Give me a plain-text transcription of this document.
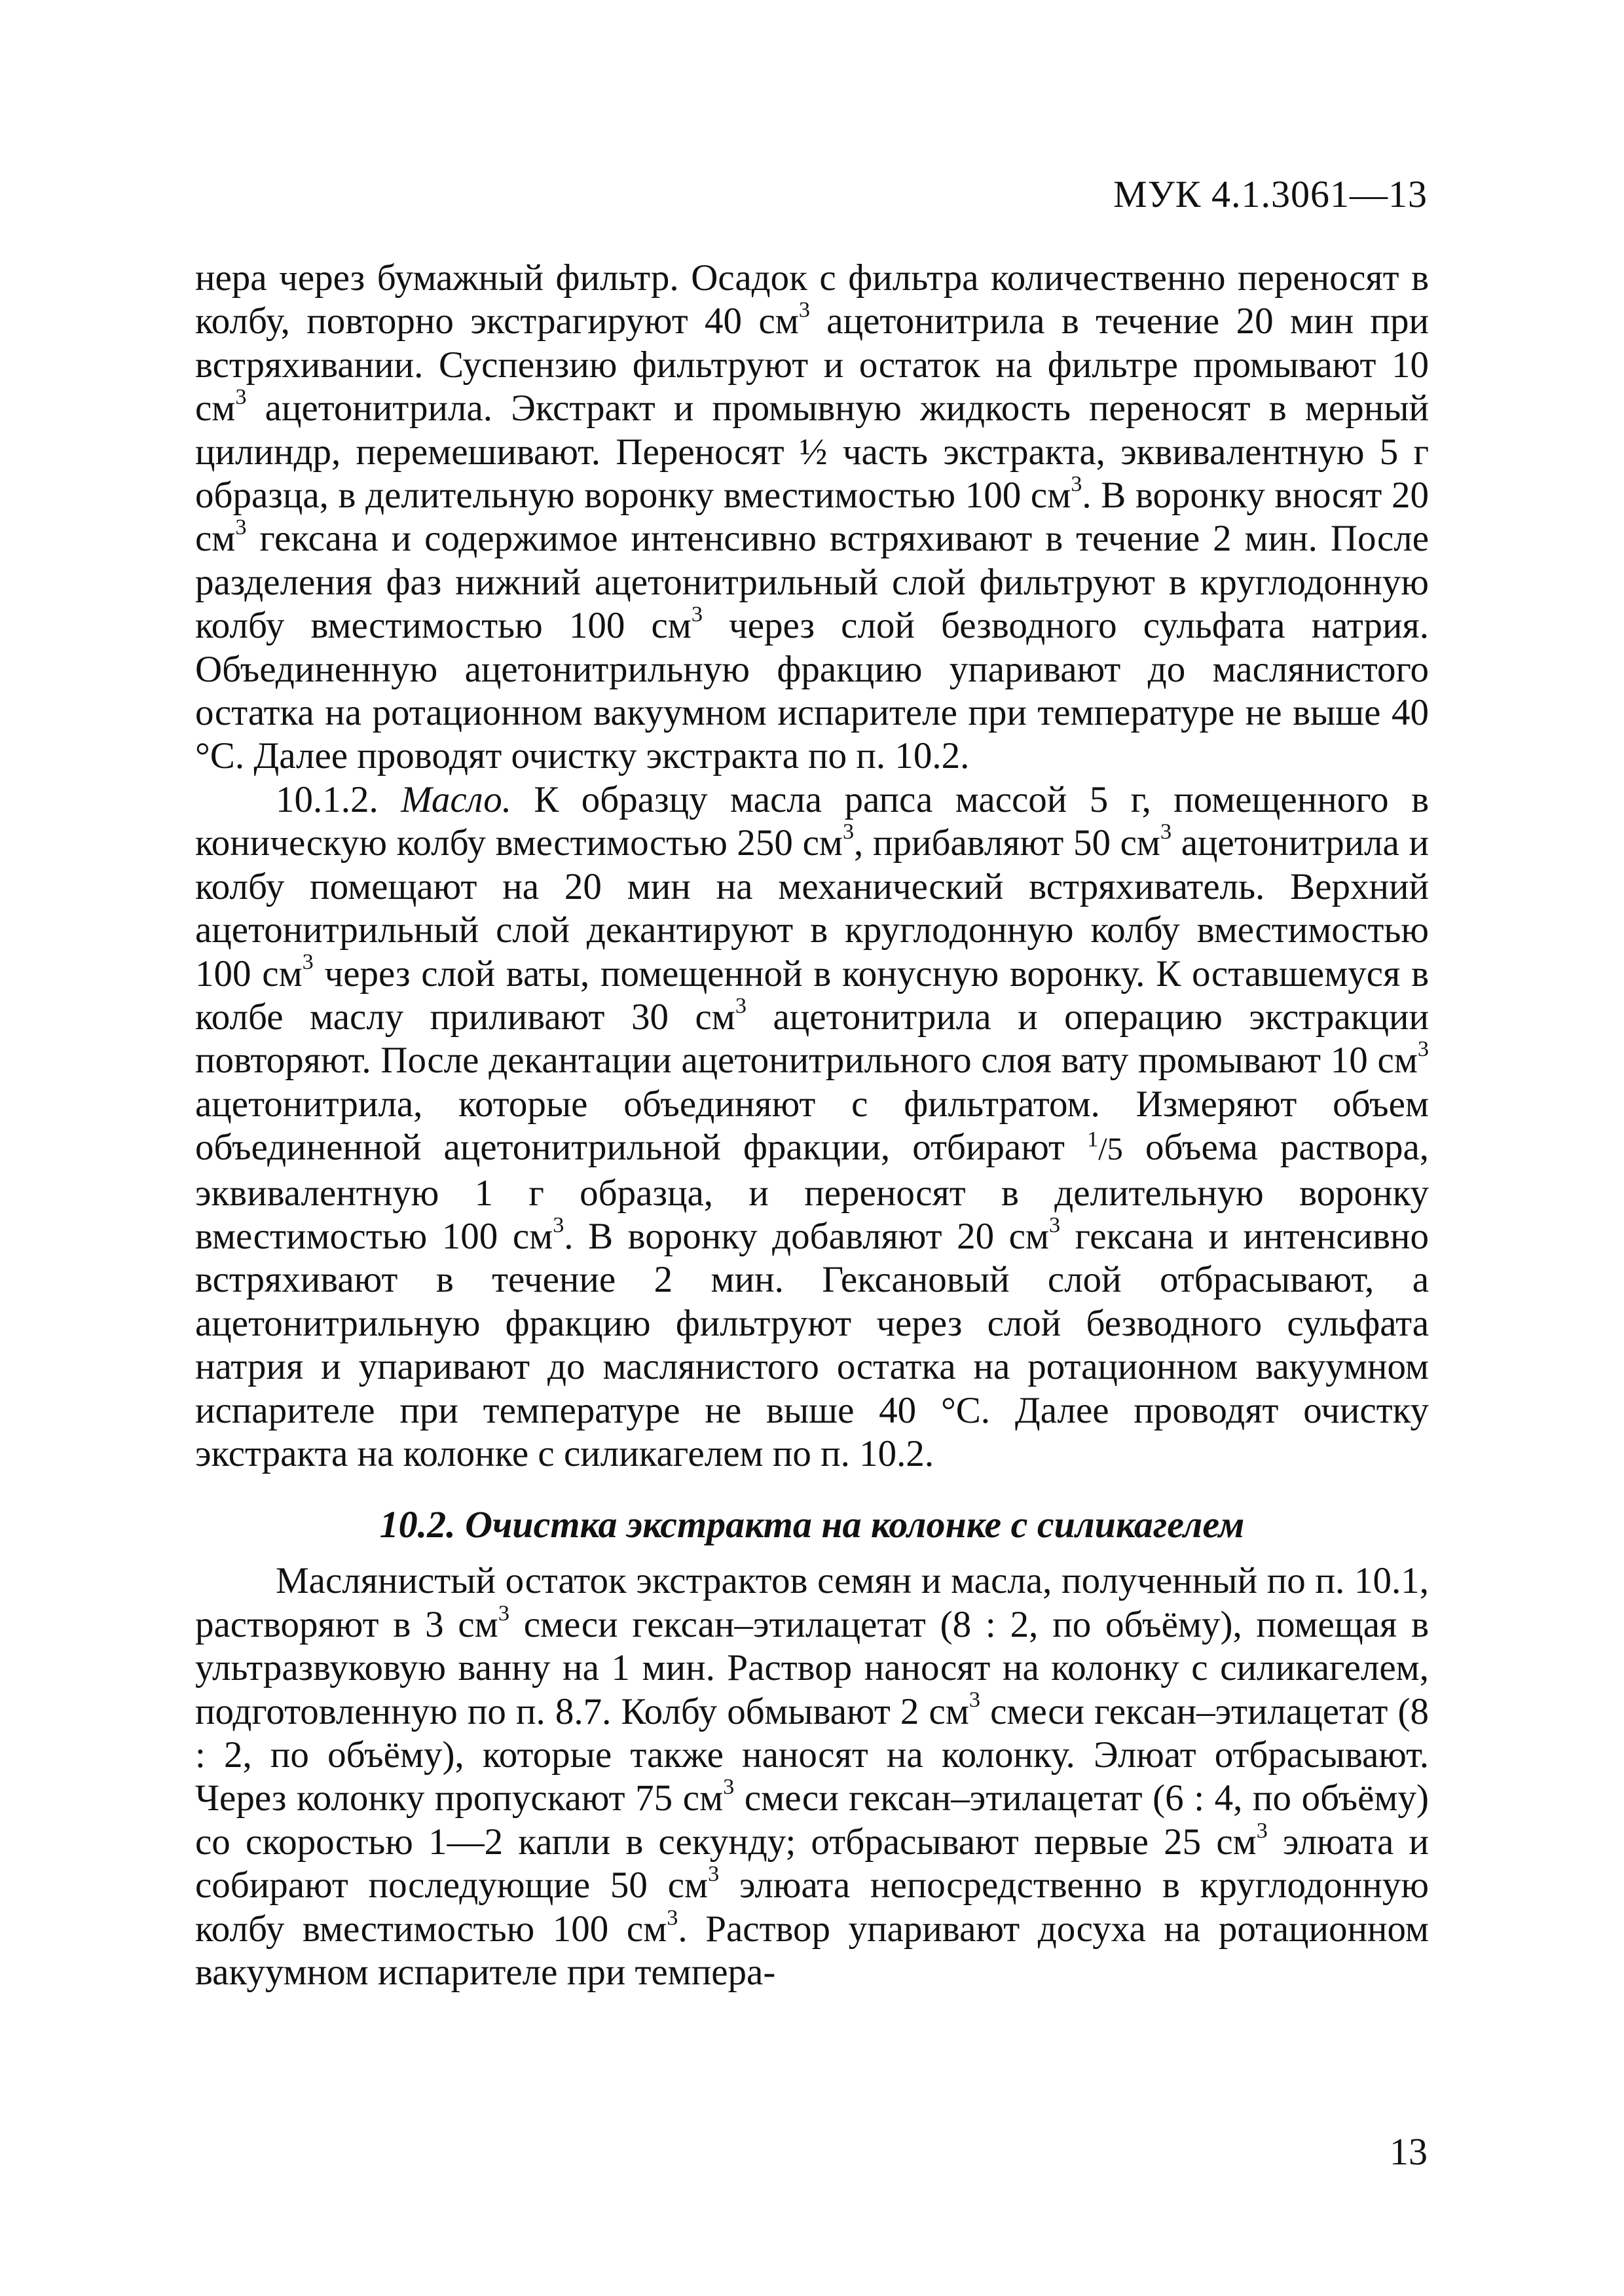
МУК 4.1.3061—13

нера через бумажный фильтр. Осадок с фильтра количественно переносят в колбу, повторно экстрагируют 40 $см^3$ ацетонитрила в течение 20 мин при встряхивании. Суспензию фильтруют и остаток на фильтре промывают 10 $см^3$ ацетонитрила. Экстракт и промывную жидкость переносят в мерный цилиндр, перемешивают. Переносят ½ часть экстракта, эквивалентную 5 г образца, в делительную воронку вместимостью 100 $см^3$. В воронку вносят 20 $см^3$ гексана и содержимое интенсивно встряхивают в течение 2 мин. После разделения фаз нижний ацетонитрильный слой фильтруют в круглодонную колбу вместимостью 100 $см^3$ через слой безводного сульфата натрия. Объединенную ацетонитрильную фракцию упаривают до маслянистого остатка на ротационном вакуумном испарителе при температуре не выше 40 °С. Далее проводят очистку экстракта по п. 10.2.

10.1.2. Масло. К образцу масла рапса массой 5 г, помещенного в коническую колбу вместимостью 250 $см^3$, прибавляют 50 $см^3$ ацетонитрила и колбу помещают на 20 мин на механический встряхиватель. Верхний ацетонитрильный слой декантируют в круглодонную колбу вместимостью 100 $см^3$ через слой ваты, помещенной в конусную воронку. К оставшемуся в колбе маслу приливают 30 $см^3$ ацетонитрила и операцию экстракции повторяют. После декантации ацетонитрильного слоя вату промывают 10 $см^3$ ацетонитрила, которые объединяют с фильтратом. Измеряют объем объединенной ацетонитрильной фракции, отбирают $^1$/5 объема раствора, эквивалентную 1 г образца, и переносят в делительную воронку вместимостью 100 $см^3$. В воронку добавляют 20 $см^3$ гексана и интенсивно встряхивают в течение 2 мин. Гексановый слой отбрасывают, а ацетонитрильную фракцию фильтруют через слой безводного сульфата натрия и упаривают до маслянистого остатка на ротационном вакуумном испарителе при температуре не выше 40 °С. Далее проводят очистку экстракта на колонке с силикагелем по п. 10.2.

10.2. Очистка экстракта на колонке с силикагелем

Маслянистый остаток экстрактов семян и масла, полученный по п. 10.1, растворяют в 3 $см^3$ смеси гексан–этилацетат (8 : 2, по объёму), помещая в ультразвуковую ванну на 1 мин. Раствор наносят на колонку с силикагелем, подготовленную по п. 8.7. Колбу обмывают 2 $см^3$ смеси гексан–этилацетат (8 : 2, по объёму), которые также наносят на колонку. Элюат отбрасывают. Через колонку пропускают 75 $см^3$ смеси гексан–этилацетат (6 : 4, по объёму) со скоростью 1—2 капли в секунду; отбрасывают первые 25 $см^3$ элюата и собирают последующие 50 $см^3$ элюата непосредственно в круглодонную колбу вместимостью 100 $см^3$. Раствор упаривают досуха на ротационном вакуумном испарителе при темпера-

13
